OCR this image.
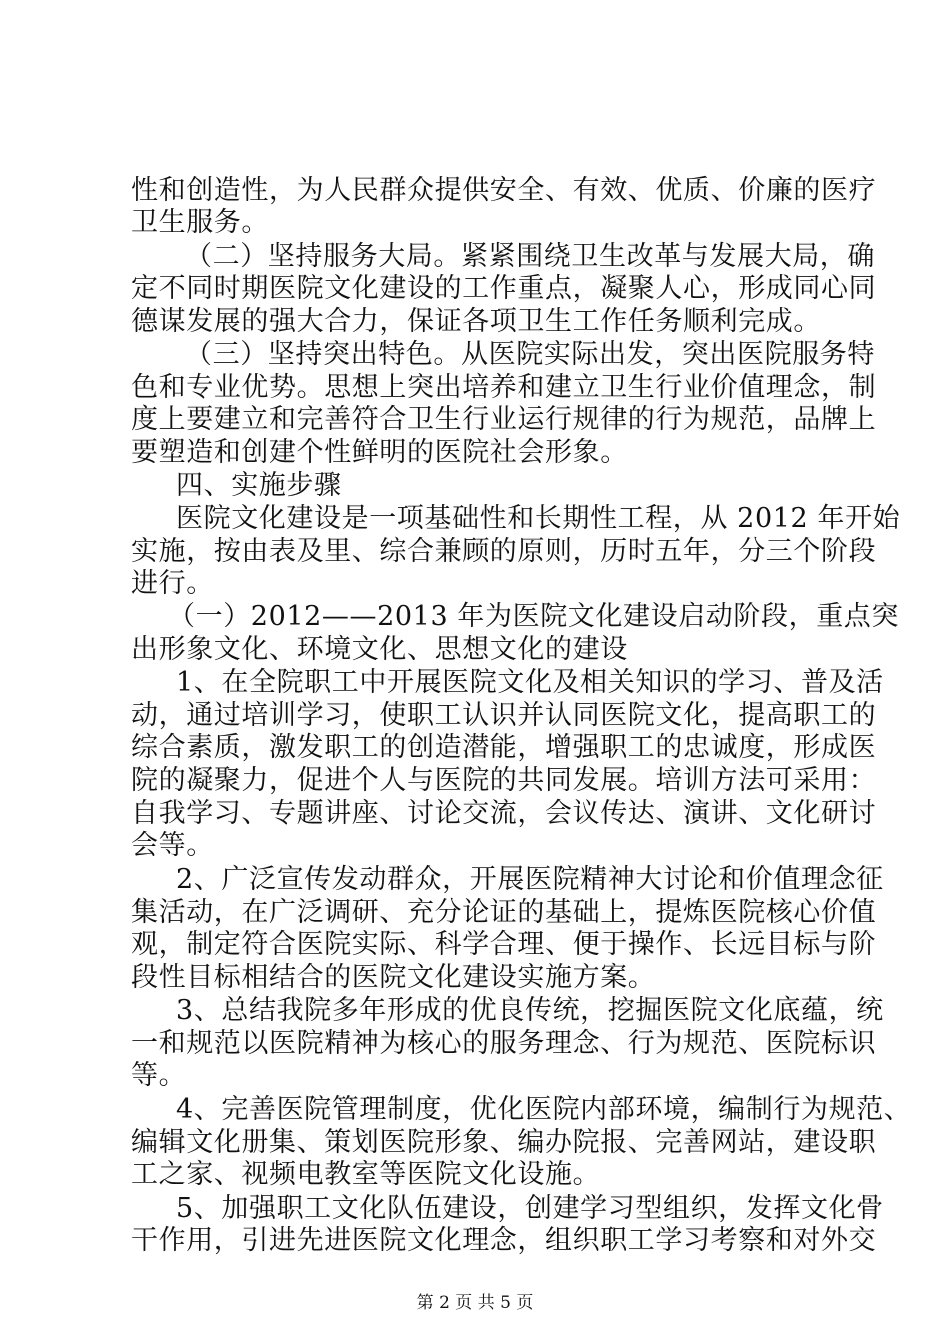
性和创造性，为人民群众提供安全、有效、优质、价廉的医疗
卫生服务。
（二）坚持服务大局。紧紧围绕卫生改革与发展大局，确
定不同时期医院文化建设的工作重点，凝聚人心，形成同心同
德谋发展的强大合力，保证各项卫生工作任务顺利完成。
（三）坚持突出特色。从医院实际出发，突出医院服务特
色和专业优势。思想上突出培养和建立卫生行业价值理念，制
度上要建立和完善符合卫生行业运行规律的行为规范，品牌上
要塑造和创建个性鲜明的医院社会形象。
四、实施步骤
医院文化建设是一项基础性和长期性工程，从 2012 年开始
实施，按由表及里、综合兼顾的原则，历时五年，分三个阶段
进行。
（一）2012——2013 年为医院文化建设启动阶段，重点突
出形象文化、环境文化、思想文化的建设
1、在全院职工中开展医院文化及相关知识的学习、普及活
动，通过培训学习，使职工认识并认同医院文化，提高职工的
综合素质，激发职工的创造潜能，增强职工的忠诚度，形成医
院的凝聚力，促进个人与医院的共同发展。培训方法可采用：
自我学习、专题讲座、讨论交流，会议传达、演讲、文化研讨
会等。
2、广泛宣传发动群众，开展医院精神大讨论和价值理念征
集活动，在广泛调研、充分论证的基础上，提炼医院核心价值
观，制定符合医院实际、科学合理、便于操作、长远目标与阶
段性目标相结合的医院文化建设实施方案。
3、总结我院多年形成的优良传统，挖掘医院文化底蕴，统
一和规范以医院精神为核心的服务理念、行为规范、医院标识
等。
4、完善医院管理制度，优化医院内部环境，编制行为规范、
编辑文化册集、策划医院形象、编办院报、完善网站，建设职
工之家、视频电教室等医院文化设施。
5、加强职工文化队伍建设，创建学习型组织，发挥文化骨
干作用，引进先进医院文化理念，组织职工学习考察和对外交
第 2 页 共 5 页
